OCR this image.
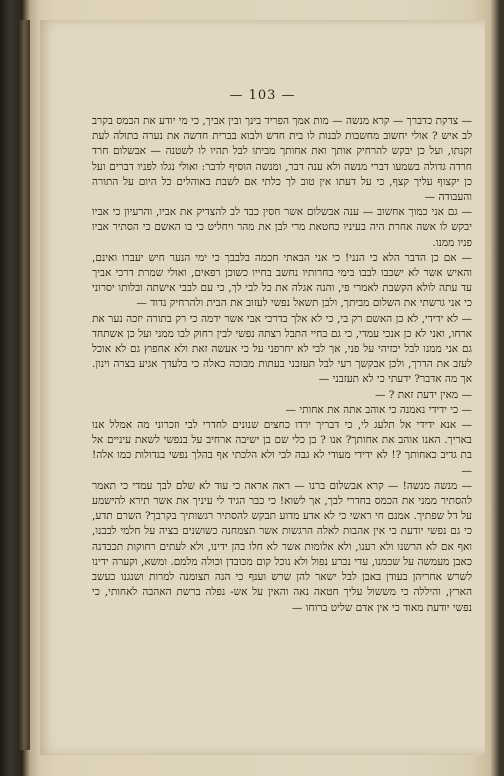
— 103 —

— צדקת כדברך — קרא מנשה — מות אמך הפריד בינך ובין אביך, כי מי יודע את הכמס בקרב לב איש ? אולי יחשוב מחשבות לבנות לו בית חדש ולבוא בברית חדשה את נערה בתולה לעת זקנתו, ועל כן יבקש להרחיק אותך ואת אחותך מביתו לבל תהיו לו לשטנה — אבשלום חרד חרדה גדולה בשמעו דברי מנשה ולא ענה דבר, ומנשה הוסיף לדבר: ואולי נגלו לפניו דברים ועל כן יקצוף עליך קצף, כי על דעתו אין טוב לך כלתי אם לשבת באוהלים כל היום על התורה והעבודה —

— גם אני כמוך אחשוב — ענה אבשלום אשר חסין כבד לב להצדיק את אביו, והרעיון כי אביו יבקש לו אשה אחרת היה בעיניו כחטאת מרי לבן את מהר ויחליט כי בו האשם כי הסתיר אביו פניו ממנו.

— אם כן הדבר הלא כי הנני! כי אני הבאתי חכמה בלבבך כי ימי הנער חיש יעברו ואינם, והאיש אשר לא ישכבו לבבו בימי בחרותיו נחשב בחייו כשוכן רפאים, ואולי שמרת דרכי אביך עד עתה לולא הקשבת לאמרי פי, והנה אגלה את כל לבי לך, כי עם לבבי אישתה ובלותו יסרוני כי אני גרשתי את השלום מביתך, ולבן תשאל נפשי לעזוב את הבית ולהרחיק נדוד —

— לא ידידי, לא כן האשם רק בי, כי לא אלך בדרכי אבי אשר ידמה כי רק בתורה יזכה נער את ארחו, ואני לא כן אנכי עמדי, כי גם בחיי התבל רצתה נפשי לבין רחוק לבו ממני ועל כן אשתחד גם אני ממנו לבל יכזיהי על פני, אך לבי לא יחרפני על כי אעשה זאת ולא אחפוץ גם לא אוכל לעזב את הדרך, ולכן אבקשך רעי לבל תעזבני בעתות מבוכה כאלה כי בלעדך אגיע בצרה וינון. אך מה אדבר? ידעתי כי לא תעזבני —

— מאין ידעת זאת ? —

— כי ידידי נאמנה כי אוהב אתה את אחותי —

— אנא ידידי אל תלעג לי, כי דבריך ירדו כחצים שנונים לחדרי לבי וזכרוני מה אמלל אנו באריך. האנו אוהב את אחותך? אנו ? בן כלי שם בן ישיבה ארחיב על בנפשי לשאת עיניים אל בת גדיב כאחותך ?! לא ידידי מעודי לא גבה לבי ולא הלכתי אף בהלך נפשי בגדולות כמו אלה! —

— מנשה מנשה! — קרא אבשלום ברנו — ראה אראה כי עוד לא שלם לבך עמדי כי תאמר להסתיר ממני את הכמס בחדרי לבך, אך לשוא! כי כבר הגיד לי עיניך את אשר תירא להישמע על דל שפתיך. אמנם חי ראשי כי לא אדע מדוע תבקש להסתיר רגשותיך בקרבך? השרם תדע, כי גם נפשי יודעת כי אין אהבות לאלה הרגשות אשר תצמחנה כשושנים בציה על חלמי לבבנו, ואף אם לא הרשנו ולא רענו, ולא אלומות אשר לא חלו בהן ידינו, ולא לעתים רחוקות תכבדנה כאבן מעמשה על שכמנו, עדי נכרע נפול ולא נוכל קום מכובדן וכולה מלמם. ומשא, וקערה ידינו לשרש אחריהן בעודן באבן לבל ישאר להן שרש וענף כי הנה תצומנה למרות ושנגנו כעשב הארץ, והיללה כי מששול עליך חטאה נאה והאין על אש- נפלה ברשת האהבה לאחותי, כי נפשי יודעת מאוד כי אין אדם שליט ברוחו —
